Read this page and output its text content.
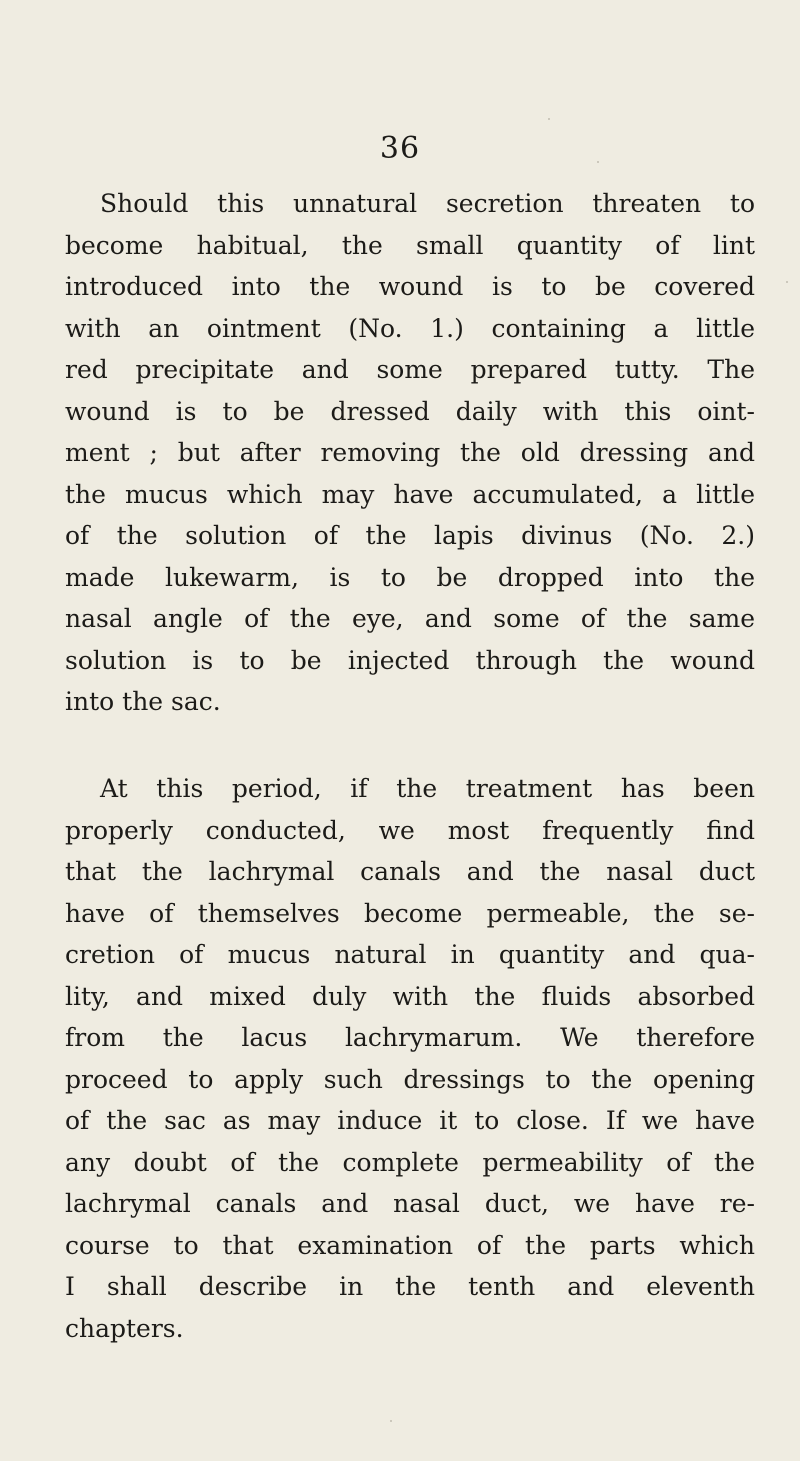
36
Should this unnatural secretion threaten to
become habitual, the small quantity of lint
introduced into the wound is to be covered
with an ointment (No. 1.) containing a little
red precipitate and some prepared tutty. The
wound is to be dressed daily with this oint-
ment ; but after removing the old dressing and
the mucus which may have accumulated, a little
of the solution of the lapis divinus (No. 2.)
made lukewarm, is to be dropped into the
nasal angle of the eye, and some of the same
solution is to be injected through the wound
into the sac.
At this period, if the treatment has been
properly conducted, we most frequently find
that the lachrymal canals and the nasal duct
have of themselves become permeable, the se-
cretion of mucus natural in quantity and qua-
lity, and mixed duly with the fluids absorbed
from the lacus lachrymarum. We therefore
proceed to apply such dressings to the opening
of the sac as may induce it to close. If we have
any doubt of the complete permeability of the
lachrymal canals and nasal duct, we have re-
course to that examination of the parts which
I shall describe in the tenth and eleventh
chapters.
